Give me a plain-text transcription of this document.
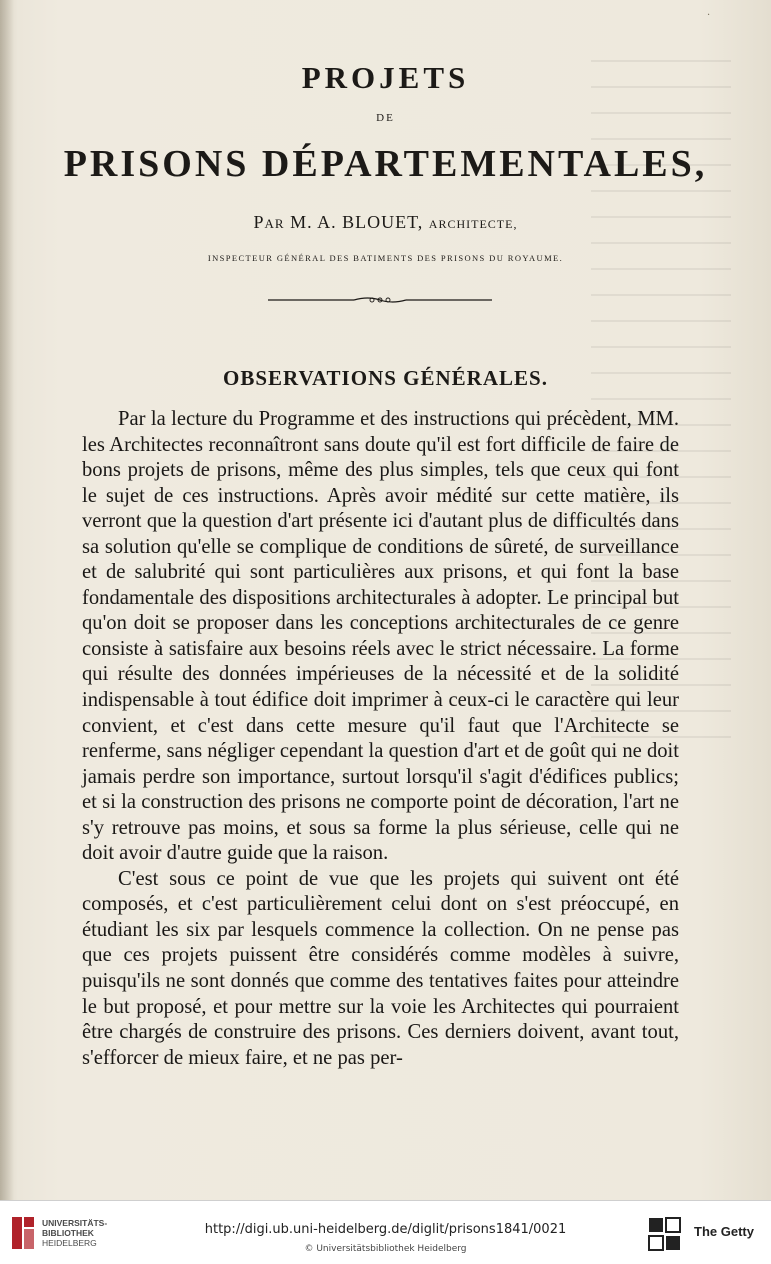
·
PROJETS
DE
PRISONS DÉPARTEMENTALES,
Par M. A. BLOUET, ARCHITECTE,
INSPECTEUR GÉNÉRAL DES BATIMENTS DES PRISONS DU ROYAUME.
OBSERVATIONS GÉNÉRALES.

Par la lecture du Programme et des instructions qui précèdent, MM. les Architectes reconnaîtront sans doute qu'il est fort difficile de faire de bons projets de prisons, même des plus simples, tels que ceux qui font le sujet de ces instructions. Après avoir médité sur cette matière, ils verront que la question d'art présente ici d'autant plus de difficultés dans sa solution qu'elle se complique de conditions de sûreté, de surveillance et de salubrité qui sont particulières aux prisons, et qui font la base fondamentale des dispositions architecturales à adopter. Le principal but qu'on doit se proposer dans les conceptions architecturales de ce genre consiste à satisfaire aux besoins réels avec le strict nécessaire. La forme qui résulte des données impérieuses de la nécessité et de la solidité indispensable à tout édifice doit imprimer à ceux-ci le caractère qui leur convient, et c'est dans cette mesure qu'il faut que l'Architecte se renferme, sans négliger cependant la question d'art et de goût qui ne doit jamais perdre son importance, surtout lorsqu'il s'agit d'édifices publics; et si la construction des prisons ne comporte point de décoration, l'art ne s'y retrouve pas moins, et sous sa forme la plus sérieuse, celle qui ne doit avoir d'autre guide que la raison.

C'est sous ce point de vue que les projets qui suivent ont été composés, et c'est particulièrement celui dont on s'est préoccupé, en étudiant les six par lesquels commence la collection. On ne pense pas que ces projets puissent être considérés comme modèles à suivre, puisqu'ils ne sont donnés que comme des tentatives faites pour atteindre le but proposé, et pour mettre sur la voie les Architectes qui pourraient être chargés de construire des prisons. Ces derniers doivent, avant tout, s'efforcer de mieux faire, et ne pas per-

UNIVERSITÄTS-
BIBLIOTHEK
HEIDELBERG
http://digi.ub.uni-heidelberg.de/diglit/prisons1841/0021
© Universitätsbibliothek Heidelberg
The Getty
